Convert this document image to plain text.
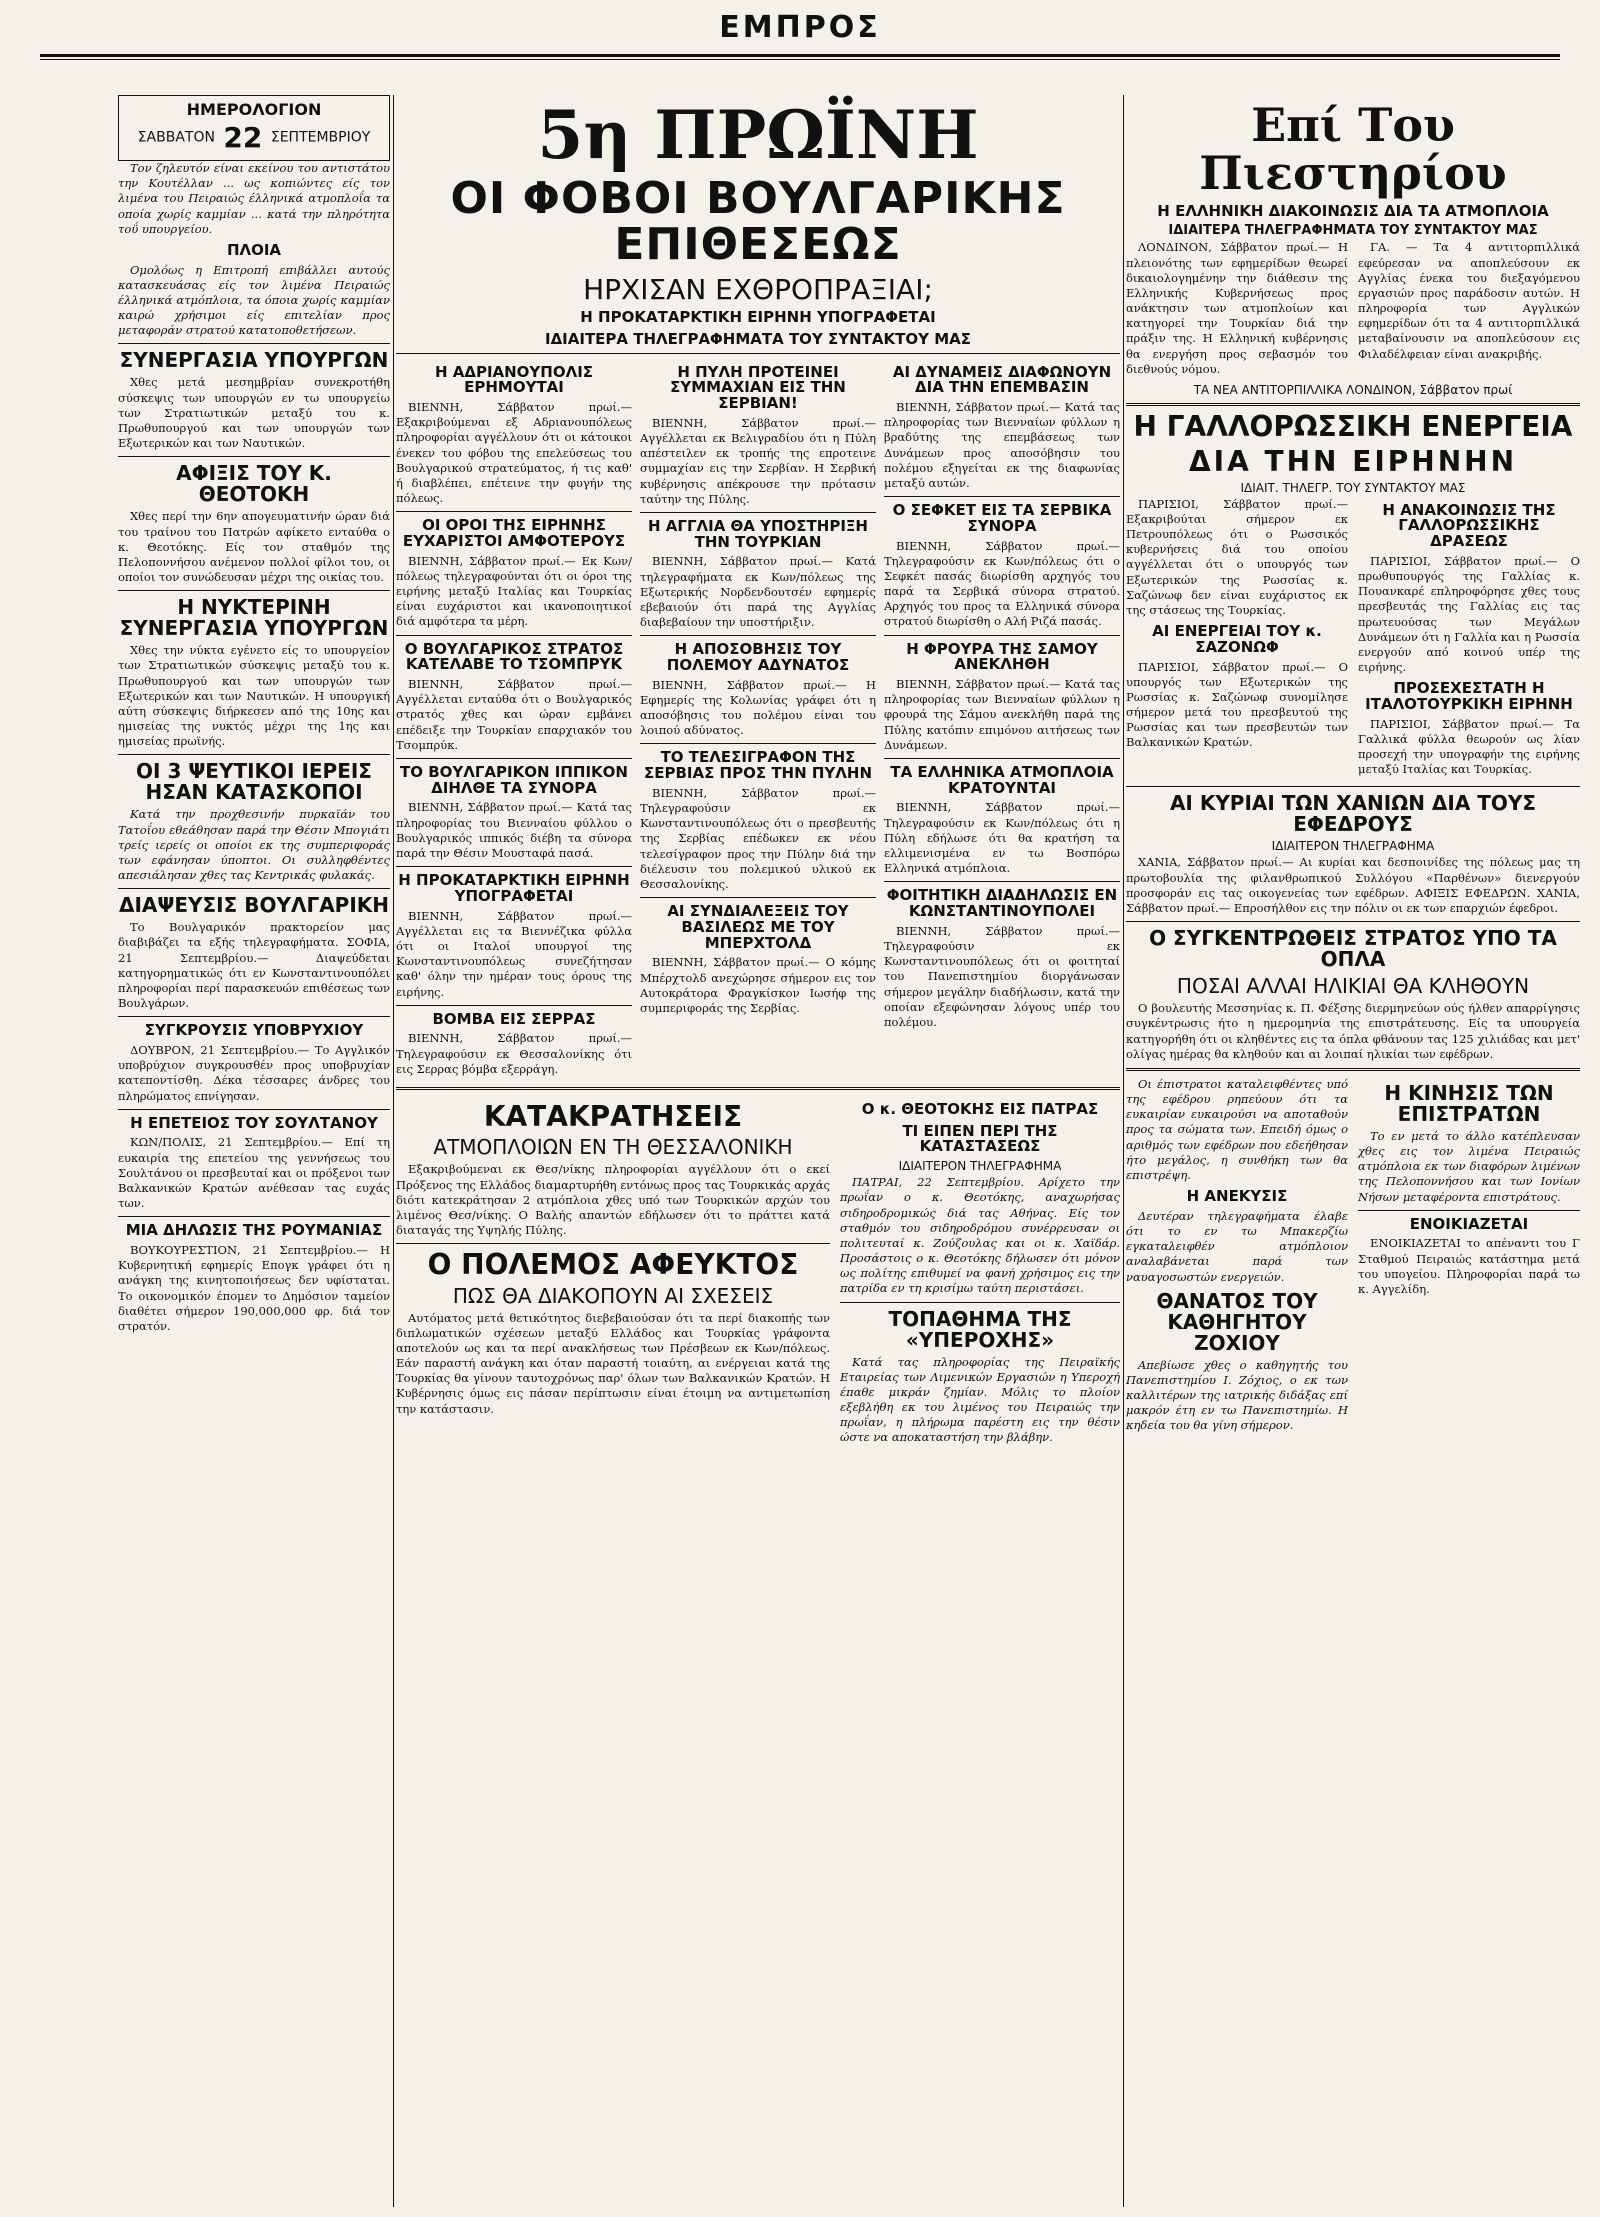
ΕΜΠΡΟΣ
ΗΜΕΡΟΛΟΓΙΟΝ
ΣΑΒΒΑΤΟΝ 22 ΣΕΠΤΕΜΒΡΙΟΥ

Τον ζηλευτόν είναι εκείνου του αντιστάτου την Κουτέλλαν ... ως κοπιώντες είς τον λιμένα του Πειραιώς έλληνικά ατμοπλοΐα τα οποία χωρίς καμμίαν ... κατά την πληρότητα τοΰ υπουργείου.

ΠΛΟΙΑ

Ομολόως η Επιτροπή επιβάλλει αυτούς κατασκευάσας είς τον λιμένα Πειραιώς έλληνικά ατμόπλοια, τα όποια χωρίς καμμίαν καιρώ χρήσιμοι είς επιτελίαν προς μεταφοράν στρατού κατατοποθετήσεων.

ΣΥΝΕΡΓΑΣΙΑ ΥΠΟΥΡΓΩΝ

Χθες μετά μεσημβρίαν συνεκροτήθη σύσκεψις των υπουργών εν τω υπουργείω των Στρατιωτικών μεταξύ του κ. Πρωθυπουργού και των υπουργών των Εξωτερικών και των Ναυτικών.

ΑΦΙΞΙΣ ΤΟΥ Κ. ΘΕΟΤΟΚΗ

Χθες περί την 6ην απογευματινήν ώραν διά του τραίνου του Πατρών αφίκετο ενταύθα ο κ. Θεοτόκης. Είς τον σταθμόν της Πελοποννήσου ανέμενον πολλοί φίλοι του, οι οποίοι τον συνώδευσαν μέχρι της οικίας του.

Η ΝΥΚΤΕΡΙΝΗ ΣΥΝΕΡΓΑΣΙΑ ΥΠΟΥΡΓΩΝ

Χθες την νύκτα εγένετο είς το υπουργείον των Στρατιωτικών σύσκεψις μεταξύ του κ. Πρωθυπουργού και των υπουργών των Εξωτερικών και των Ναυτικών. Η υπουργική αύτη σύσκεψις διήρκεσεν από της 10ης και ημισείας της νυκτός μέχρι της 1ης και ημισείας πρωϊνής.

ΟΙ 3 ΨΕΥΤΙΚΟΙ ΙΕΡΕΙΣ ΗΣΑΝ ΚΑΤΑΣΚΟΠΟΙ

Κατά την προχθεσινήν πυρκαϊάν του Τατοΐου εθεάθησαν παρά την Θέσιν Μπογιάτι τρείς ιερείς οι οποίοι εκ της συμπεριφοράς των εφάνησαν ύποπτοι. Οι συλληφθέντες απεσιάλησαν χθες τας Κεντρικάς φυλακάς.

ΔΙΑΨΕΥΣΙΣ ΒΟΥΛΓΑΡΙΚΗ

Το Βουλγαρικόν πρακτορείον μας διαβιβάζει τα εξής τηλεγραφήματα. ΣΟΦΙΑ, 21 Σεπτεμβρίου.— Διαψεύδεται κατηγορηματικώς ότι εν Κωνσταντινουπόλει πληροφορίαι περί παρασκευών επιθέσεως των Βουλγάρων.

ΣΥΓΚΡΟΥΣΙΣ ΥΠΟΒΡΥΧΙΟΥ

ΔΟΥΒΡΟΝ, 21 Σεπτεμβρίου.— Το Αγγλικόν υποβρύχιον συγκρουσθέν προς υποβρυχίαν κατεποντίσθη. Δέκα τέσσαρες άνδρες του πληρώματος επνίγησαν.

Η ΕΠΕΤΕΙΟΣ ΤΟΥ ΣΟΥΛΤΑΝΟΥ

ΚΩΝ/ΠΟΛΙΣ, 21 Σεπτεμβρίου.— Επί τη ευκαιρία της επετείου της γεννήσεως του Σουλτάνου οι πρεσβευταί και οι πρόξενοι των Βαλκανικών Κρατών ανέθεσαν τας ευχάς των.

ΜΙΑ ΔΗΛΩΣΙΣ ΤΗΣ ΡΟΥΜΑΝΙΑΣ

ΒΟΥΚΟΥΡΕΣΤΙΟΝ, 21 Σεπτεμβρίου.— Η Κυβερνητική εφημερίς Επογκ γράφει ότι η ανάγκη της κινητοποιήσεως δεν υφίσταται. Το οικονομικόν έπομεν το Δημόσιον ταμείον διαθέτει σήμερον 190,000,000 φρ. διά τον στρατόν.

5η ΠΡΩΪΝΗ
ΟΙ ΦΟΒΟΙ ΒΟΥΛΓΑΡΙΚΗΣ ΕΠΙΘΕΣΕΩΣ
ΗΡΧΙΣΑΝ ΕΧΘΡΟΠΡΑΞΙΑΙ;
Η ΠΡΟΚΑΤΑΡΚΤΙΚΗ ΕΙΡΗΝΗ ΥΠΟΓΡΑΦΕΤΑΙ
ΙΔΙΑΙΤΕΡΑ ΤΗΛΕΓΡΑΦΗΜΑΤΑ ΤΟΥ ΣΥΝΤΑΚΤΟΥ ΜΑΣ
Η ΑΔΡΙΑΝΟΥΠΟΛΙΣ ΕΡΗΜΟΥΤΑΙ

ΒΙΕΝΝΗ, Σάββατον πρωί.— Εξακριβούμεναι εξ Αδριανουπόλεως πληροφορίαι αγγέλλουν ότι οι κάτοικοι ένεκεν του φόβου της επελεύσεως του Βουλγαρικού στρατεύματος, ή τις καθ' ή διαβλέπει, επέτεινε την φυγήν της πόλεως.

ΟΙ ΟΡΟΙ ΤΗΣ ΕΙΡΗΝΗΣ ΕΥΧΑΡΙΣΤΟΙ ΑΜΦΟΤΕΡΟΥΣ

ΒΙΕΝΝΗ, Σάββατον πρωί.— Εκ Κων/πόλεως τηλεγραφούνται ότι οι όροι της ειρήνης μεταξύ Ιταλίας και Τουρκίας είναι ευχάριστοι και ικανοποιητικοί διά αμφότερα τα μέρη.

Ο ΒΟΥΛΓΑΡΙΚΟΣ ΣΤΡΑΤΟΣ ΚΑΤΕΛΑΒΕ ΤΟ ΤΣΟΜΠΡΥΚ

ΒΙΕΝΝΗ, Σάββατον πρωί.— Αγγέλλεται ενταύθα ότι ο Βουλγαρικός στρατός χθες και ώραν εμβάνει επέδειξε την Τουρκίαν επαρχιακόν του Τσομπρύκ.

ΤΟ ΒΟΥΛΓΑΡΙΚΟΝ ΙΠΠΙΚΟΝ ΔΙΗΛΘΕ ΤΑ ΣΥΝΟΡΑ

ΒΙΕΝΝΗ, Σάββατον πρωί.— Κατά τας πληροφορίας του Βιενναίου φύλλου ο Βουλγαρικός ιππικός διέβη τα σύνορα παρά την Θέσιν Μουσταφά πασά.

Η ΠΡΟΚΑΤΑΡΚΤΙΚΗ ΕΙΡΗΝΗ ΥΠΟΓΡΑΦΕΤΑΙ

ΒΙΕΝΝΗ, Σάββατον πρωί.— Αγγέλλεται εις τα Βιεννέζικα φύλλα ότι οι Ιταλοί υπουργοί της Κωνσταντινουπόλεως συνεζήτησαν καθ' όλην την ημέραν τους όρους της ειρήνης.

ΒΟΜΒΑ ΕΙΣ ΣΕΡΡΑΣ

ΒΙΕΝΝΗ, Σάββατον πρωί.— Τηλεγραφούσιν εκ Θεσσαλονίκης ότι εις Σερρας βόμβα εξερράγη.

Η ΠΥΛΗ ΠΡΟΤΕΙΝΕΙ ΣΥΜΜΑΧΙΑΝ ΕΙΣ ΤΗΝ ΣΕΡΒΙΑΝ!

ΒΙΕΝΝΗ, Σάββατον πρωί.— Αγγέλλεται εκ Βελιγραδίου ότι η Πύλη απέστειλεν εκ τροπής της επροτεινε συμμαχίαν εις την Σερβίαν. Η Σερβική κυβέρνησις απέκρουσε την πρότασιν ταύτην της Πύλης.

Η ΑΓΓΛΙΑ ΘΑ ΥΠΟΣΤΗΡΙΞΗ ΤΗΝ ΤΟΥΡΚΙΑΝ

ΒΙΕΝΝΗ, Σάββατον πρωί.— Κατά τηλεγραφήματα εκ Κων/πόλεως της Εξωτερικής Νορδενδουτσέν εφημερίς εβεβαιούν ότι παρά της Αγγλίας διαβεβαίουν την υποστήριξιν.

Η ΑΠΟΣΟΒΗΣΙΣ ΤΟΥ ΠΟΛΕΜΟΥ ΑΔΥΝΑΤΟΣ

ΒΙΕΝΝΗ, Σάββατον πρωί.— Η Εφημερίς της Κολωνίας γράφει ότι η αποσόβησις του πολέμου είναι του λοιπού αδύνατος.

ΤΟ ΤΕΛΕΣΙΓΡΑΦΟΝ ΤΗΣ ΣΕΡΒΙΑΣ ΠΡΟΣ ΤΗΝ ΠΥΛΗΝ

ΒΙΕΝΝΗ, Σάββατον πρωί.— Τηλεγραφούσιν εκ Κωνσταντινουπόλεως ότι ο πρεσβευτής της Σερβίας επέδωκεν εκ νέου τελεσίγραφον προς την Πύλην διά την διέλευσιν του πολεμικού υλικού εκ Θεσσαλονίκης.

ΑΙ ΣΥΝΔΙΑΛΕΞΕΙΣ ΤΟΥ ΒΑΣΙΛΕΩΣ ΜΕ ΤΟΥ ΜΠΕΡΧΤΟΛΔ

ΒΙΕΝΝΗ, Σάββατον πρωί.— Ο κόμης Μπέρχτολδ ανεχώρησε σήμερον εις τον Αυτοκράτορα Φραγκίσκον Ιωσήφ της συμπεριφοράς της Σερβίας.

ΑΙ ΔΥΝΑΜΕΙΣ ΔΙΑΦΩΝΟΥΝ ΔΙΑ ΤΗΝ ΕΠΕΜΒΑΣΙΝ

ΒΙΕΝΝΗ, Σάββατον πρωί.— Κατά τας πληροφορίας των Βιενναίων φύλλων η βραδύτης της επεμβάσεως των Δυνάμεων προς αποσόβησιν του πολέμου εξηγείται εκ της διαφωνίας μεταξύ αυτών.

Ο ΣΕΦΚΕΤ ΕΙΣ ΤΑ ΣΕΡΒΙΚΑ ΣΥΝΟΡΑ

ΒΙΕΝΝΗ, Σάββατον πρωί.— Τηλεγραφούσιν εκ Κων/πόλεως ότι ο Σεφκέτ πασάς διωρίσθη αρχηγός του παρά τα Σερβικά σύνορα στρατού. Αρχηγός του προς τα Ελληνικά σύνορα στρατού διωρίσθη ο Αλή Ριζά πασάς.

Η ΦΡΟΥΡΑ ΤΗΣ ΣΑΜΟΥ ΑΝΕΚΛΗΘΗ

ΒΙΕΝΝΗ, Σάββατον πρωί.— Κατά τας πληροφορίας των Βιενναίων φύλλων η φρουρά της Σάμου ανεκλήθη παρά της Πύλης κατόπιν επιμόνου αιτήσεως των Δυνάμεων.

ΤΑ ΕΛΛΗΝΙΚΑ ΑΤΜΟΠΛΟΙΑ ΚΡΑΤΟΥΝΤΑΙ

ΒΙΕΝΝΗ, Σάββατον πρωί.— Τηλεγραφούσιν εκ Κων/πόλεως ότι η Πύλη εδήλωσε ότι θα κρατήση τα ελλιμενισμένα εν τω Βοσπόρω Ελληνικά ατμόπλοια.

ΦΟΙΤΗΤΙΚΗ ΔΙΑΔΗΛΩΣΙΣ ΕΝ ΚΩΝΣΤΑΝΤΙΝΟΥΠΟΛΕΙ

ΒΙΕΝΝΗ, Σάββατον πρωί.— Τηλεγραφούσιν εκ Κωνσταντινουπόλεως ότι οι φοιτηταί του Πανεπιστημίου διοργάνωσαν σήμερον μεγάλην διαδήλωσιν, κατά την οποίαν εξεφώνησαν λόγους υπέρ του πολέμου.

ΚΑΤΑΚΡΑΤΗΣΕΙΣ
ΑΤΜΟΠΛΟΙΩΝ ΕΝ ΤΗ ΘΕΣΣΑΛΟΝΙΚΗ

Εξακριβούμεναι εκ Θεσ/νίκης πληροφορίαι αγγέλλουν ότι ο εκεί Πρόξενος της Ελλάδος διαμαρτυρήθη εντόνως προς τας Τουρκικάς αρχάς διότι κατεκράτησαν 2 ατμόπλοια χθες υπό των Τουρκικών αρχών του λιμένος Θεσ/νίκης. Ο Βαλής απαντών εδήλωσεν ότι το πράττει κατά διαταγάς της Υψηλής Πύλης.

Ο ΠΟΛΕΜΟΣ ΑΦΕΥΚΤΟΣ
ΠΩΣ ΘΑ ΔΙΑΚΟΠΟΥΝ ΑΙ ΣΧΕΣΕΙΣ

Αυτόματος μετά θετικότητος διεβεβαιούσαν ότι τα περί διακοπής των διπλωματικών σχέσεων μεταξύ Ελλάδος και Τουρκίας γράφοντα αποτελούν ως και τα περί ανακλήσεως των Πρέσβεων εκ Κων/πόλεως. Εάν παραστή ανάγκη και όταν παραστή τοιαύτη, αι ενέργειαι κατά της Τουρκίας θα γίνουν ταυτοχρόνως παρ' όλων των Βαλκανικών Κρατών. Η Κυβέρνησις όμως εις πάσαν περίπτωσιν είναι έτοιμη να αντιμετωπίση την κατάστασιν.

Ο κ. ΘΕΟΤΟΚΗΣ ΕΙΣ ΠΑΤΡΑΣ
ΤΙ ΕΙΠΕΝ ΠΕΡΙ ΤΗΣ ΚΑΤΑΣΤΑΣΕΩΣ
ΙΔΙΑΙΤΕΡΟΝ ΤΗΛΕΓΡΑΦΗΜΑ

ΠΑΤΡΑΙ, 22 Σεπτεμβρίου. Αρίχετο την πρωΐαν ο κ. Θεοτόκης, αναχωρήσας σιδηροδρομικώς διά τας Αθήνας. Είς τον σταθμόν του σιδηροδρόμου συνέρρευσαν οι πολιτευταί κ. Ζούζουλας και οι κ. Χαϊδάρ. Προσάστοις ο κ. Θεοτόκης δήλωσεν ότι μόνον ως πολίτης επιθυμεί να φανή χρήσιμος εις την πατρίδα εν τη κρισίμω ταύτη περιστάσει.

ΤΟΠΑΘΗΜΑ ΤΗΣ «ΥΠΕΡΟΧΗΣ»

Κατά τας πληροφορίας της Πειραϊκής Εταιρείας των Λιμενικών Εργασιών η Υπεροχή έπαθε μικράν ζημίαν. Μόλις το πλοίον εξεβλήθη εκ του λιμένος του Πειραιώς την πρωΐαν, η πλήρωμα παρέστη εις την θέσιν ώστε να αποκαταστήση την βλάβην.

Επί Του Πιεστηρίου
Η ΕΛΛΗΝΙΚΗ ΔΙΑΚΟΙΝΩΣΙΣ ΔΙΑ ΤΑ ΑΤΜΟΠΛΟΙΑ
ΙΔΙΑΙΤΕΡΑ ΤΗΛΕΓΡΑΦΗΜΑΤΑ ΤΟΥ ΣΥΝΤΑΚΤΟΥ ΜΑΣ

ΛΟΝΔΙΝΟΝ, Σάββατον πρωί.— Η πλειονότης των εφημερίδων θεωρεί δικαιολογημένην την διάθεσιν της Ελληνικής Κυβερνήσεως προς ανάκτησιν των ατμοπλοίων και κατηγορεί την Τουρκίαν διά την πράξιν της. Η Ελληνική κυβέρνησις θα ενεργήση προς σεβασμόν του διεθνούς νόμου.

ΓΑ. — Τα 4 αντιτορπιλλικά εφεύρεσαν να αποπλεύσουν εκ Αγγλίας ένεκα του διεξαγόμενου εργασιών προς παράδοσιν αυτών. Η πληροφορία των Αγγλικών εφημερίδων ότι τα 4 αντιτορπιλλικά μεταβαίνουσιν να αποπλεύσουν εις Φιλαδέλφειαν είναι ανακριβής.

ΤΑ ΝΕΑ ΑΝΤΙΤΟΡΠΙΛΛΙΚΑ ΛΟΝΔΙΝΟΝ, Σάββατον πρωί
Η ΓΑΛΛΟΡΩΣΣΙΚΗ ΕΝΕΡΓΕΙΑ
ΔΙΑ ΤΗΝ ΕΙΡΗΝΗΝ
ΙΔΙΑΙΤ. ΤΗΛΕΓΡ. ΤΟΥ ΣΥΝΤΑΚΤΟΥ ΜΑΣ

ΠΑΡΙΣΙΟΙ, Σάββατον πρωί.— Εξακριβούται σήμερον εκ Πετρουπόλεως ότι ο Ρωσσικός κυβερνήσεις διά του οποίου αγγέλλεται ότι ο υπουργός των Εξωτερικών της Ρωσσίας κ. Σαζώνωφ δεν είναι ευχάριστος εκ της στάσεως της Τουρκίας.

ΑΙ ΕΝΕΡΓΕΙΑΙ ΤΟΥ κ. ΣΑΖΟΝΩΦ

ΠΑΡΙΣΙΟΙ, Σάββατον πρωί.— Ο υπουργός των Εξωτερικών της Ρωσσίας κ. Σαζώνωφ συνομίλησε σήμερον μετά του πρεσβευτού της Ρωσσίας και των πρεσβευτών των Βαλκανικών Κρατών.

Η ΑΝΑΚΟΙΝΩΣΙΣ ΤΗΣ ΓΑΛΛΟΡΩΣΣΙΚΗΣ ΔΡΑΣΕΩΣ

ΠΑΡΙΣΙΟΙ, Σάββατον πρωί.— Ο πρωθυπουργός της Γαλλίας κ. Πουανκαρέ επληροφόρησε χθες τους πρεσβευτάς της Γαλλίας εις τας πρωτευούσας των Μεγάλων Δυνάμεων ότι η Γαλλία και η Ρωσσία ενεργούν από κοινού υπέρ της ειρήνης.

ΠΡΟΣΕΧΕΣΤΑΤΗ Η ΙΤΑΛΟΤΟΥΡΚΙΚΗ ΕΙΡΗΝΗ

ΠΑΡΙΣΙΟΙ, Σάββατον πρωί.— Τα Γαλλικά φύλλα θεωρούν ως λίαν προσεχή την υπογραφήν της ειρήνης μεταξύ Ιταλίας και Τουρκίας.

ΑΙ ΚΥΡΙΑΙ ΤΩΝ ΧΑΝΙΩΝ ΔΙΑ ΤΟΥΣ ΕΦΕΔΡΟΥΣ
ΙΔΙΑΙΤΕΡΟΝ ΤΗΛΕΓΡΑΦΗΜΑ

ΧΑΝΙΑ, Σάββατον πρωί.— Αι κυρίαι και δεσποινίδες της πόλεως μας τη πρωτοβουλία της φιλανθρωπικού Συλλόγου «Παρθένων» διενεργούν προσφοράν εις τας οικογενείας των εφέδρων. ΑΦΙΞΙΣ ΕΦΕΔΡΩΝ. ΧΑΝΙΑ, Σάββατον πρωί.— Επροσήλθον εις την πόλιν οι εκ των επαρχιών έφεδροι.

Ο ΣΥΓΚΕΝΤΡΩΘΕΙΣ ΣΤΡΑΤΟΣ ΥΠΟ ΤΑ ΟΠΛΑ
ΠΟΣΑΙ ΑΛΛΑΙ ΗΛΙΚΙΑΙ ΘΑ ΚΛΗΘΟΥΝ

Ο βουλευτής Μεσσηνίας κ. Π. Φέξσης διερμηνεύων ούς ήλθεν απαρρίγησις συγκέντρωσις ήτο η ημερομηνία της επιστράτευσης. Είς τα υπουργεία κατηγορήθη ότι οι κληθέντες εις τα όπλα φθάνουν τας 125 χιλιάδας και μετ' ολίγας ημέρας θα κληθούν και αι λοιπαί ηλικίαι των εφέδρων.

Οι έπιστρατοι καταλειφθέντες υπό της εφέδρου ρηπεύουν ότι τα ευκαιρίαν ευκαιρούσι να αποταθούν προς τα σώματα των. Επειδή όμως ο αριθμός των εφέδρων που εδεήθησαν ήτο μεγάλος, η συνθήκη των θα επιστρέψη.

Η ΑΝΕΚΥΣΙΣ

Δευτέραν τηλεγραφήματα έλαβε ότι το εν τω Μπακερζίω εγκαταλειφθέν ατμόπλοιον αναλαβάνεται παρά των ναυαγοσωστών ενεργειών.

ΘΑΝΑΤΟΣ ΤΟΥ ΚΑΘΗΓΗΤΟΥ ΖΟΧΙΟΥ

Απεβίωσε χθες ο καθηγητής του Πανεπιστημίου Ι. Ζόχιος, ο εκ των καλλιτέρων της ιατρικής διδάξας επί μακρόν έτη εν τω Πανεπιστημίω. Η κηδεία του θα γίνη σήμερον.

Η ΚΙΝΗΣΙΣ ΤΩΝ ΕΠΙΣΤΡΑΤΩΝ

Το εν μετά το άλλο κατέπλευσαν χθες εις τον λιμένα Πειραιώς ατμόπλοια εκ των διαφόρων λιμένων της Πελοποννήσου και των Ιονίων Νήσων μεταφέροντα επιστράτους.

ΕΝΟΙΚΙΑΖΕΤΑΙ

ΕΝΟΙΚΙΑΖΕΤΑΙ το απέναντι του Γ Σταθμού Πειραιώς κατάστημα μετά του υπογείου. Πληροφορίαι παρά τω κ. Αγγελίδη.
